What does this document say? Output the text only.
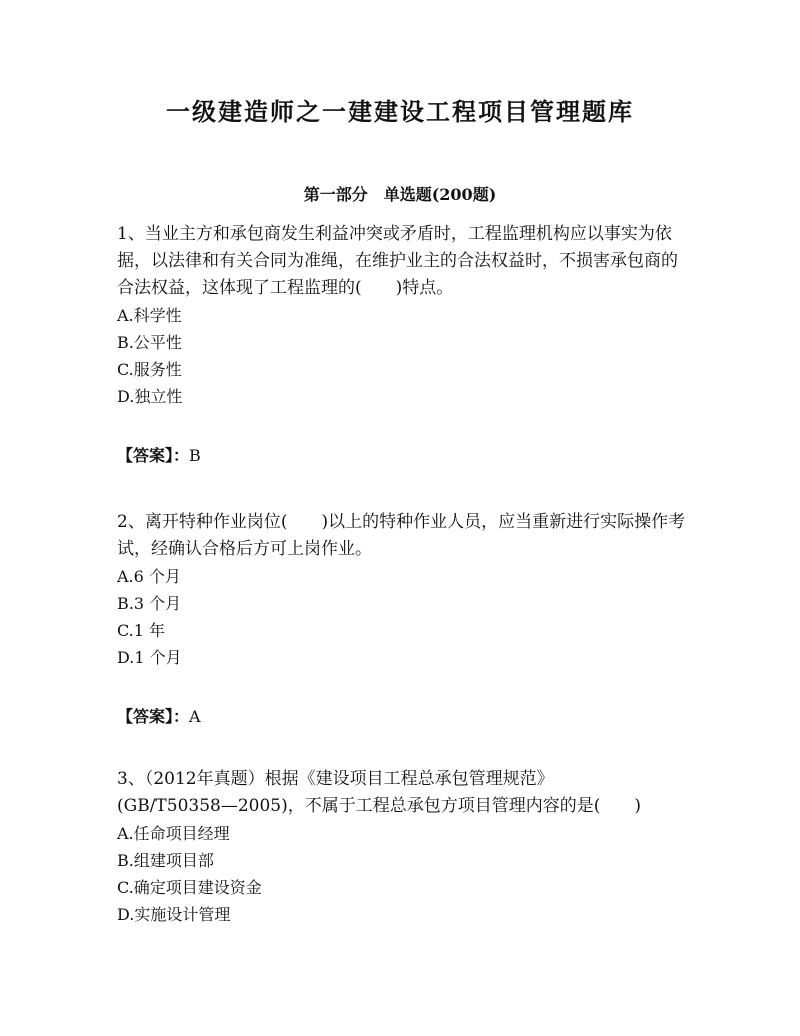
一级建造师之一建建设工程项目管理题库
第一部分　单选题(200题)

1、当业主方和承包商发生利益冲突或矛盾时，工程监理机构应以事实为依据，以法律和有关合同为准绳，在维护业主的合法权益时，不损害承包商的合法权益，这体现了工程监理的(　　)特点。

A.科学性

B.公平性

C.服务性

D.独立性

【答案】：B

2、离开特种作业岗位(　　)以上的特种作业人员，应当重新进行实际操作考试，经确认合格后方可上岗作业。

A.6 个月

B.3 个月

C.1 年

D.1 个月

【答案】：A

3、（2012年真题）根据《建设项目工程总承包管理规范》

(GB/T50358—2005)，不属于工程总承包方项目管理内容的是(　　)

A.任命项目经理

B.组建项目部

C.确定项目建设资金

D.实施设计管理
